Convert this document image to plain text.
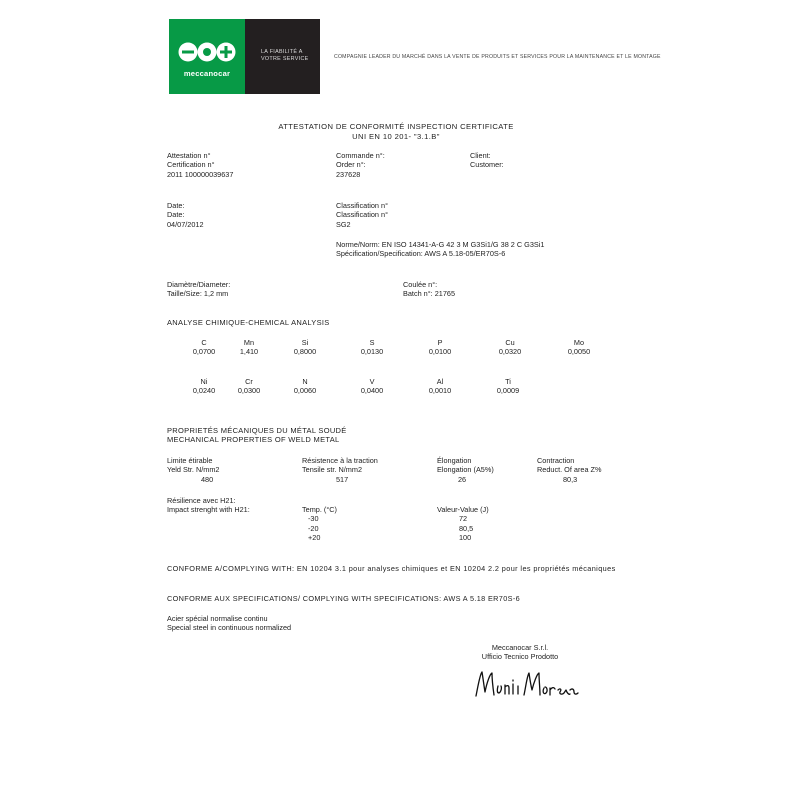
meccanocar
LA FIABILITÉ A
VOTRE SERVICE	COMPAGNIE LEADER DU MARCHÉ DANS LA VENTE DE PRODUITS ET SERVICES POUR LA MAINTENANCE ET LE MONTAGE
ATTESTATION DE CONFORMITÉ INSPECTION CERTIFICATE
UNI EN 10 201- "3.1.B"
Attestation n°
Certification n°
2011 100000039637
Commande n°:
Order n°:
237628
Client:
Customer:
Date:
Date:
04/07/2012
Classification n°
Classification n°
SG2
Norme/Norm: EN ISO 14341-A-G 42 3 M G3Si1/G 38 2 C G3Si1
Spécification/Specification: AWS A 5.18-05/ER70S-6
Diamètre/Diameter:
Taille/Size: 1,2 mm
Coulée n°:
Batch n°: 21765
ANALYSE CHIMIQUE-CHEMICAL ANALYSIS
C
0,0700
Mn
1,410
Si
0,8000
S
0,0130
P
0,0100
Cu
0,0320
Mo
0,0050
Ni
0,0240
Cr
0,0300
N
0,0060
V
0,0400
Al
0,0010
Ti
0,0009
PROPRIETÉS MÉCANIQUES DU MÉTAL SOUDÉ
MECHANICAL PROPERTIES OF WELD METAL
Limite étirable
Yeld Str. N/mm2
480
Résistence à la traction
Tensile str. N/mm2
517
Élongation
Elongation (A5%)
26
Contraction
Reduct. Of area Z%
80,3
Résilience avec H21:
Impact strenght with H21:	Temp. (°C)
-30
-20
+20
Valeur-Value (J)
72
80,5
100
CONFORME A/COMPLYING WITH: EN 10204 3.1 pour analyses chimiques et EN 10204 2.2 pour les propriétés mécaniques
CONFORME AUX SPECIFICATIONS/ COMPLYING WITH SPECIFICATIONS: AWS A 5.18 ER70S-6
Acier spécial normalise continu
Special steel in continuous normalized
Meccanocar S.r.l.
Ufficio Tecnico Prodotto
